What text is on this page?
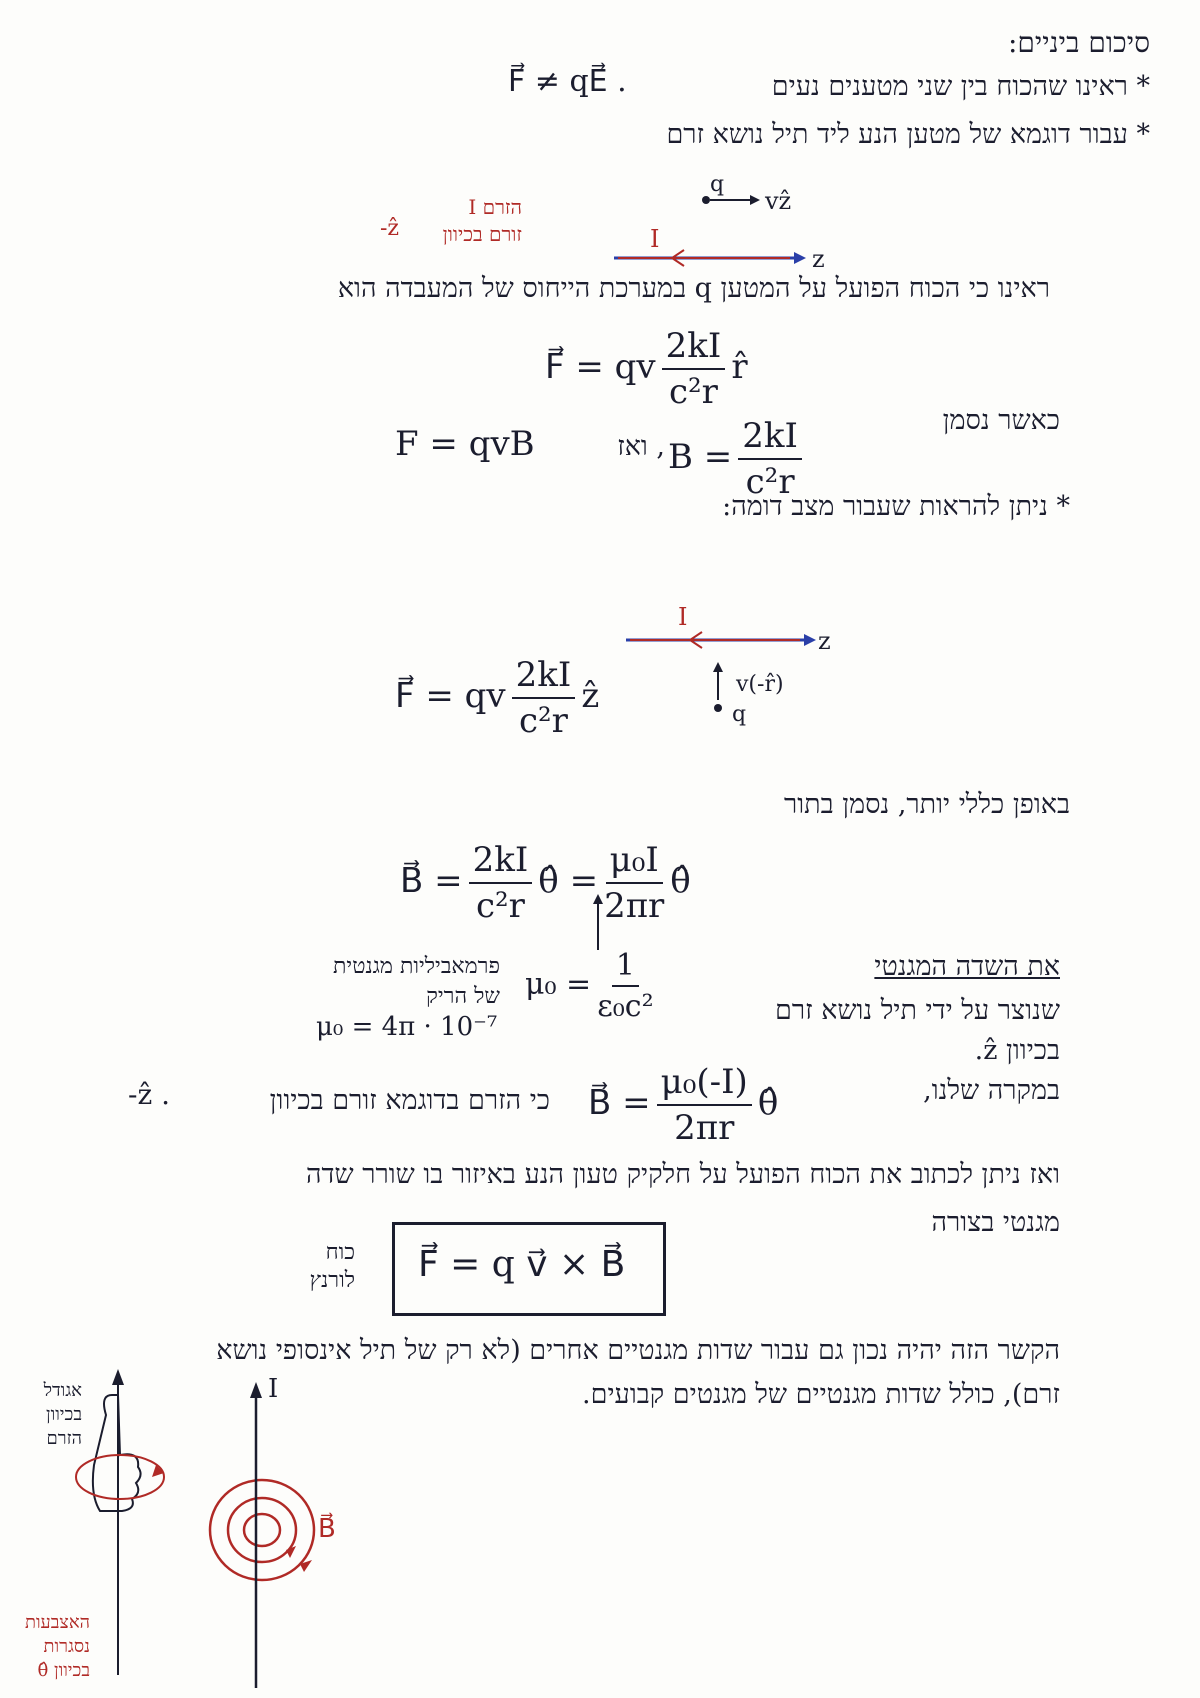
סיכום ביניים:
* ראינו שהכוח בין שני מטענים נעים
F⃗ ≠ qE⃗ .
* עבור דוגמא של מטען הנע ליד תיל נושא זרם
q
vẑ
I
z
הזרם I
זורם בכיוון
-ẑ
ראינו כי הכוח הפועל על המטען q במערכת הייחוס של המעבדה הוא
F⃗ = qv $\frac{2kI}{\text{c²r}}$ r̂
כאשר נסמן
$B = \frac{2kI}{\text{c²r}}$
, ואז
F = qvB
* ניתן להראות שעבור מצב דומה:
I
z
v(-r̂)
q
F⃗ = qv $\frac{2kI}{\text{c²r}}$ ẑ
באופן כללי יותר, נסמן בתור
B⃗ = $\frac{2kI}{\text{c²r}}$ θ̂ = $\frac{\text{μ₀I}}{2\pi r}$ θ̂
פרמאביליות מגנטית
של הריק $\mu_0 = \frac{1}{\text{ε₀c²}}$
μ₀ = 4π · 10⁻⁷
את השדה המגנטי
שנוצר על ידי תיל נושא זרם
בכיוון ẑ.
במקרה שלנו,
B⃗ = $\frac{\text{μ₀(-I)}}{2\pi r}$ θ̂
כי הזרם בדוגמא זורם בכיוון
-ẑ .
ואז ניתן לכתוב את הכוח הפועל על חלקיק טעון הנע באיזור בו שורר שדה
מגנטי בצורה
F⃗ = q v⃗ × B⃗
כוח
לורנץ
הקשר הזה יהיה נכון גם עבור שדות מגנטיים אחרים (לא רק של תיל אינסופי נושא
זרם), כולל שדות מגנטיים של מגנטים קבועים.
אגודל
בכיוון
הזרם
האצבעות
נסגרות
בכיוון θ̂
I
B⃗
